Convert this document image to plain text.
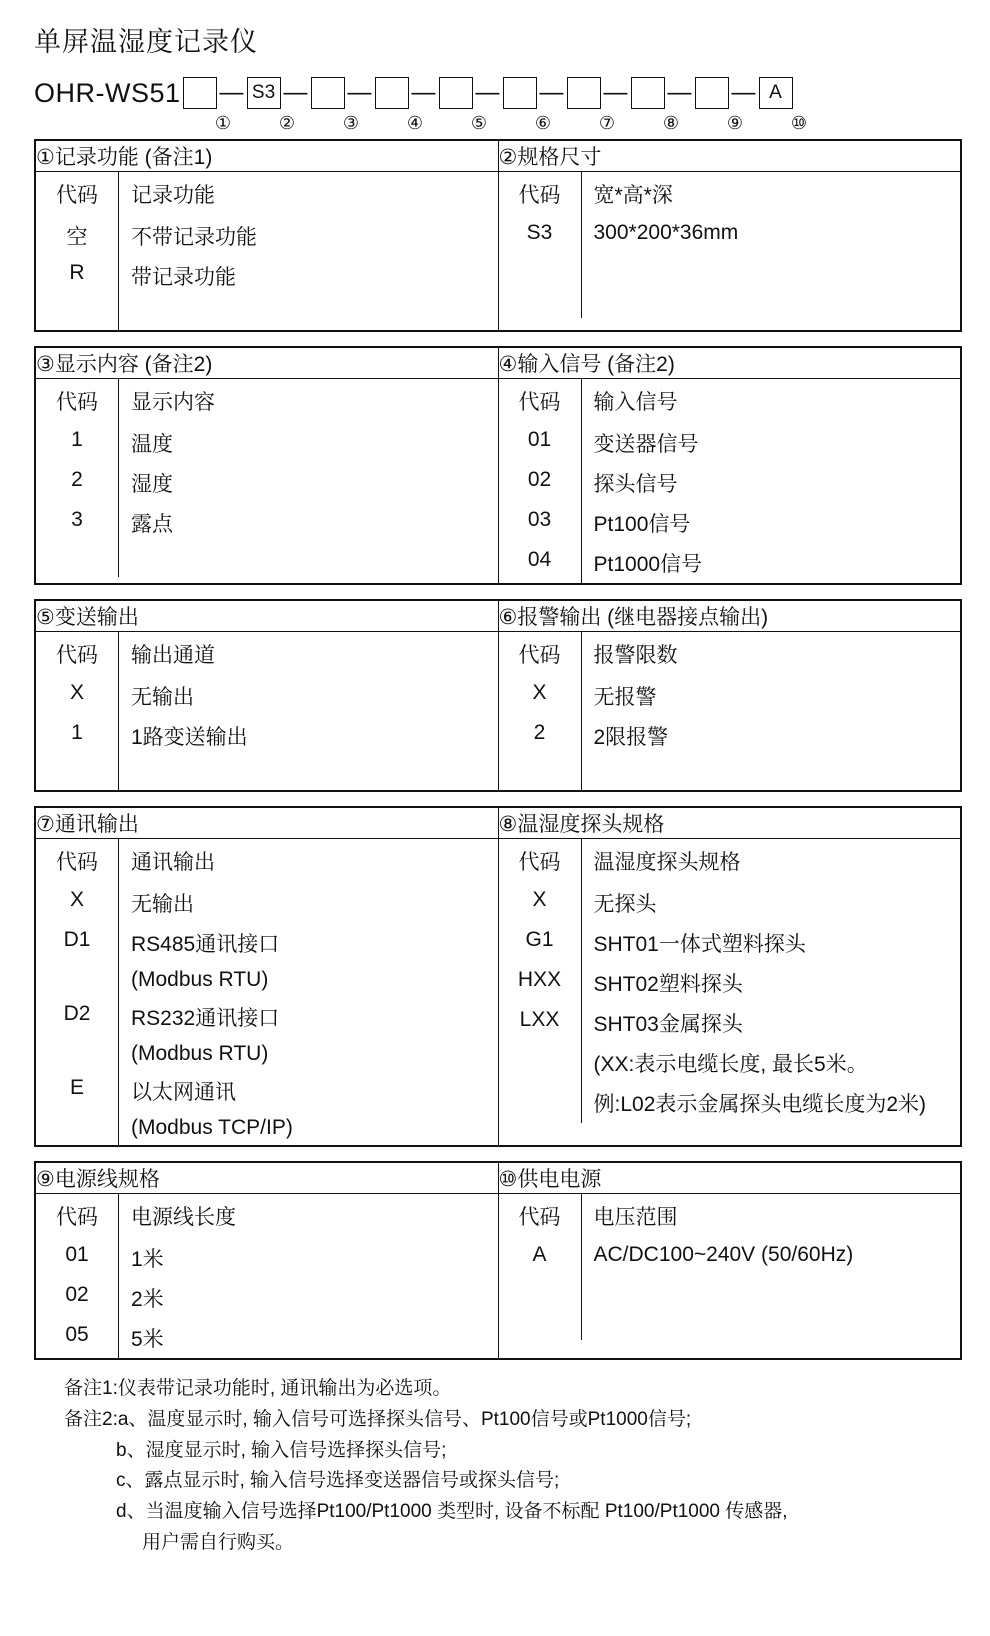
单屏温湿度记录仪
OHR-WS51 — S3 — — — — — — — — A
①	②	③	④	⑤	⑥	⑦	⑧	⑨	⑩
①记录功能 (备注1)	②规格尺寸

代码	记录功能
空	不带记录功能
R	带记录功能

代码	宽*高*深
S3	300*200*36mm

③显示内容 (备注2)	④输入信号 (备注2)

代码	显示内容
1	温度
2	湿度
3	露点

代码	输入信号
01	变送器信号
02	探头信号
03	Pt100信号
04	Pt1000信号
⑤变送输出	⑥报警输出 (继电器接点输出)

代码	输出通道
X	无输出
1	1路变送输出

代码	报警限数
X	无报警
2	2限报警

⑦通讯输出	⑧温湿度探头规格

代码	通讯输出
X	无输出
D1	RS485通讯接口
	(Modbus RTU)
D2	RS232通讯接口
	(Modbus RTU)
E	以太网通讯
	(Modbus TCP/IP)

代码	温湿度探头规格
X	无探头
G1	SHT01一体式塑料探头
HXX	SHT02塑料探头
LXX	SHT03金属探头
	(XX:表示电缆长度, 最长5米。
	例:L02表示金属探头电缆长度为2米)
⑨电源线规格	⑩供电电源

代码	电源线长度
01	1米
02	2米
05	5米

代码	电压范围
A	AC/DC100~240V (50/60Hz)

备注1:仪表带记录功能时, 通讯输出为必选项。
备注2:a、温度显示时, 输入信号可选择探头信号、Pt100信号或Pt1000信号;
b、湿度显示时, 输入信号选择探头信号;
c、露点显示时, 输入信号选择变送器信号或探头信号;
d、当温度输入信号选择Pt100/Pt1000 类型时, 设备不标配 Pt100/Pt1000 传感器,
用户需自行购买。
